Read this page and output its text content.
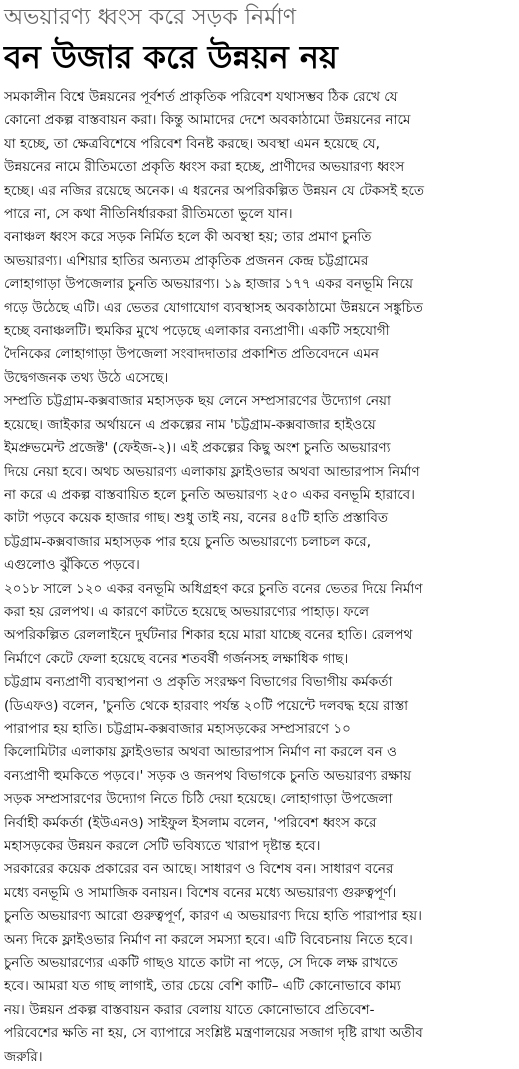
অভয়ারণ্য ধ্বংস করে সড়ক নির্মাণ
বন উজার করে উন্নয়ন নয়
সমকালীন বিশ্বে উন্নয়নের পূর্বশর্ত প্রাকৃতিক পরিবেশ যথাসম্ভব ঠিক রেখে যে
কোনো প্রকল্প বাস্তবায়ন করা। কিন্তু আমাদের দেশে অবকাঠামো উন্নয়নের নামে
যা হচ্ছে, তা ক্ষেত্রবিশেষে পরিবেশ বিনষ্ট করছে। অবস্থা এমন হয়েছে যে,
উন্নয়নের নামে রীতিমতো প্রকৃতি ধ্বংস করা হচ্ছে, প্রাণীদের অভয়ারণ্য ধ্বংস
হচ্ছে। এর নজির রয়েছে অনেক। এ ধরনের অপরিকল্পিত উন্নয়ন যে টেকসই হতে
পারে না, সে কথা নীতিনির্ধারকরা রীতিমতো ভুলে যান।
বনাঞ্চল ধ্বংস করে সড়ক নির্মিত হলে কী অবস্থা হয়; তার প্রমাণ চুনতি
অভয়ারণ্য। এশিয়ার হাতির অন্যতম প্রাকৃতিক প্রজনন কেন্দ্র চট্টগ্রামের
লোহাগাড়া উপজেলার চুনতি অভয়ারণ্য। ১৯ হাজার ১৭৭ একর বনভূমি নিয়ে
গড়ে উঠেছে এটি। এর ভেতর যোগাযোগ ব্যবস্থাসহ অবকাঠামো উন্নয়নে সঙ্কুচিত
হচ্ছে বনাঞ্চলটি। হুমকির মুখে পড়েছে এলাকার বন্যপ্রাণী। একটি সহযোগী
দৈনিকের লোহাগাড়া উপজেলা সংবাদদাতার প্রকাশিত প্রতিবেদনে এমন
উদ্বেগজনক তথ্য উঠে এসেছে।
সম্প্রতি চট্টগ্রাম-কক্সবাজার মহাসড়ক ছয় লেনে সম্প্রসারণের উদ্যোগ নেয়া
হয়েছে। জাইকার অর্থায়নে এ প্রকল্পের নাম 'চট্টগ্রাম-কক্সবাজার হাইওয়ে
ইমপ্রুভমেন্ট প্রজেক্ট' (ফেইজ-২)। এই প্রকল্পের কিছু অংশ চুনতি অভয়ারণ্য
দিয়ে নেয়া হবে। অথচ অভয়ারণ্য এলাকায় ফ্লাইওভার অথবা আন্ডারপাস নির্মাণ
না করে এ প্রকল্প বাস্তবায়িত হলে চুনতি অভয়ারণ্য ২৫০ একর বনভূমি হারাবে।
কাটা পড়বে কয়েক হাজার গাছ। শুধু তাই নয়, বনের ৪৫টি হাতি প্রস্তাবিত
চট্টগ্রাম-কক্সবাজার মহাসড়ক পার হয়ে চুনতি অভয়ারণ্যে চলাচল করে,
এগুলোও ঝুঁকিতে পড়বে।
২০১৮ সালে ১২০ একর বনভূমি অধিগ্রহণ করে চুনতি বনের ভেতর দিয়ে নির্মাণ
করা হয় রেলপথ। এ কারণে কাটতে হয়েছে অভয়ারণ্যের পাহাড়। ফলে
অপরিকল্পিত রেললাইনে দুর্ঘটনার শিকার হয়ে মারা যাচ্ছে বনের হাতি। রেলপথ
নির্মাণে কেটে ফেলা হয়েছে বনের শতবর্ষী গর্জনসহ লক্ষাধিক গাছ।
চট্টগ্রাম বন্যপ্রাণী ব্যবস্থাপনা ও প্রকৃতি সংরক্ষণ বিভাগের বিভাগীয় কর্মকর্তা
(ডিএফও) বলেন, 'চুনতি থেকে হারবাং পর্যন্ত ২০টি পয়েন্টে দলবদ্ধ হয়ে রাস্তা
পারাপার হয় হাতি। চট্টগ্রাম-কক্সবাজার মহাসড়কের সম্প্রসারণে ১০
কিলোমিটার এলাকায় ফ্লাইওভার অথবা আন্ডারপাস নির্মাণ না করলে বন ও
বন্যপ্রাণী হুমকিতে পড়বে।' সড়ক ও জনপথ বিভাগকে চুনতি অভয়ারণ্য রক্ষায়
সড়ক সম্প্রসারণের উদ্যোগ নিতে চিঠি দেয়া হয়েছে। লোহাগাড়া উপজেলা
নির্বাহী কর্মকর্তা (ইউএনও) সাইফুল ইসলাম বলেন, 'পরিবেশ ধ্বংস করে
মহাসড়কের উন্নয়ন করলে সেটি ভবিষ্যতে খারাপ দৃষ্টান্ত হবে।
সরকারের কয়েক প্রকারের বন আছে। সাধারণ ও বিশেষ বন। সাধারণ বনের
মধ্যে বনভূমি ও সামাজিক বনায়ন। বিশেষ বনের মধ্যে অভয়ারণ্য গুরুত্বপূর্ণ।
চুনতি অভয়ারণ্য আরো গুরুত্বপূর্ণ, কারণ এ অভয়ারণ্য দিয়ে হাতি পারাপার হয়।
অন্য দিকে ফ্লাইওভার নির্মাণ না করলে সমস্যা হবে। এটি বিবেচনায় নিতে হবে।
চুনতি অভয়ারণ্যের একটি গাছও যাতে কাটা না পড়ে, সে দিকে লক্ষ রাখতে
হবে। আমরা যত গাছ লাগাই, তার চেয়ে বেশি কাটি– এটি কোনোভাবে কাম্য
নয়। উন্নয়ন প্রকল্প বাস্তবায়ন করার বেলায় যাতে কোনোভাবে প্রতিবেশ-
পরিবেশের ক্ষতি না হয়, সে ব্যাপারে সংশ্লিষ্ট মন্ত্রণালয়ের সজাগ দৃষ্টি রাখা অতীব
জরুরি।
